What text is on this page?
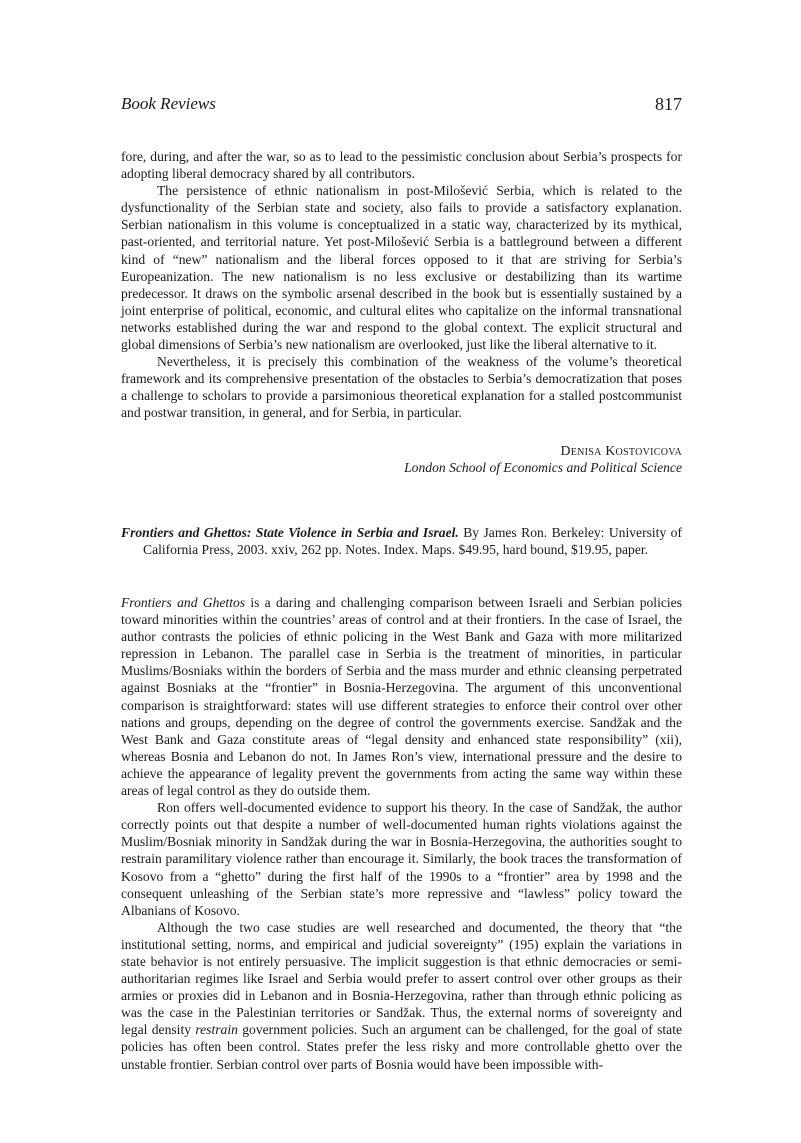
Book Reviews	817

fore, during, and after the war, so as to lead to the pessimistic conclusion about Serbia’s prospects for adopting liberal democracy shared by all contributors.

The persistence of ethnic nationalism in post-Milošević Serbia, which is related to the dysfunctionality of the Serbian state and society, also fails to provide a satisfactory explanation. Serbian nationalism in this volume is conceptualized in a static way, characterized by its mythical, past-oriented, and territorial nature. Yet post-Milošević Serbia is a battleground between a different kind of “new” nationalism and the liberal forces opposed to it that are striving for Serbia’s Europeanization. The new nationalism is no less exclusive or destabilizing than its wartime predecessor. It draws on the symbolic arsenal described in the book but is essentially sustained by a joint enterprise of political, economic, and cultural elites who capitalize on the informal transnational networks established during the war and respond to the global context. The explicit structural and global dimensions of Serbia’s new nationalism are overlooked, just like the liberal alternative to it.

Nevertheless, it is precisely this combination of the weakness of the volume’s theoretical framework and its comprehensive presentation of the obstacles to Serbia’s democratization that poses a challenge to scholars to provide a parsimonious theoretical explanation for a stalled postcommunist and postwar transition, in general, and for Serbia, in particular.

Denisa Kostovicova
London School of Economics and Political Science
Frontiers and Ghettos: State Violence in Serbia and Israel. By James Ron. Berkeley: University of California Press, 2003. xxiv, 262 pp. Notes. Index. Maps. $49.95, hard bound, $19.95, paper.

Frontiers and Ghettos is a daring and challenging comparison between Israeli and Serbian policies toward minorities within the countries’ areas of control and at their frontiers. In the case of Israel, the author contrasts the policies of ethnic policing in the West Bank and Gaza with more militarized repression in Lebanon. The parallel case in Serbia is the treatment of minorities, in particular Muslims/Bosniaks within the borders of Serbia and the mass murder and ethnic cleansing perpetrated against Bosniaks at the “frontier” in Bosnia-Herzegovina. The argument of this unconventional comparison is straightforward: states will use different strategies to enforce their control over other nations and groups, depending on the degree of control the governments exercise. Sandžak and the West Bank and Gaza constitute areas of “legal density and enhanced state responsibility” (xii), whereas Bosnia and Lebanon do not. In James Ron’s view, international pressure and the desire to achieve the appearance of legality prevent the governments from acting the same way within these areas of legal control as they do outside them.

Ron offers well-documented evidence to support his theory. In the case of Sandžak, the author correctly points out that despite a number of well-documented human rights violations against the Muslim/Bosniak minority in Sandžak during the war in Bosnia-Herzegovina, the authorities sought to restrain paramilitary violence rather than encourage it. Similarly, the book traces the transformation of Kosovo from a “ghetto” during the first half of the 1990s to a “frontier” area by 1998 and the consequent unleashing of the Serbian state’s more repressive and “lawless” policy toward the Albanians of Kosovo.

Although the two case studies are well researched and documented, the theory that “the institutional setting, norms, and empirical and judicial sovereignty” (195) explain the variations in state behavior is not entirely persuasive. The implicit suggestion is that ethnic democracies or semi-authoritarian regimes like Israel and Serbia would prefer to assert control over other groups as their armies or proxies did in Lebanon and in Bosnia-Herzegovina, rather than through ethnic policing as was the case in the Palestinian territories or Sandžak. Thus, the external norms of sovereignty and legal density restrain government policies. Such an argument can be challenged, for the goal of state policies has often been control. States prefer the less risky and more controllable ghetto over the unstable frontier. Serbian control over parts of Bosnia would have been impossible with-
